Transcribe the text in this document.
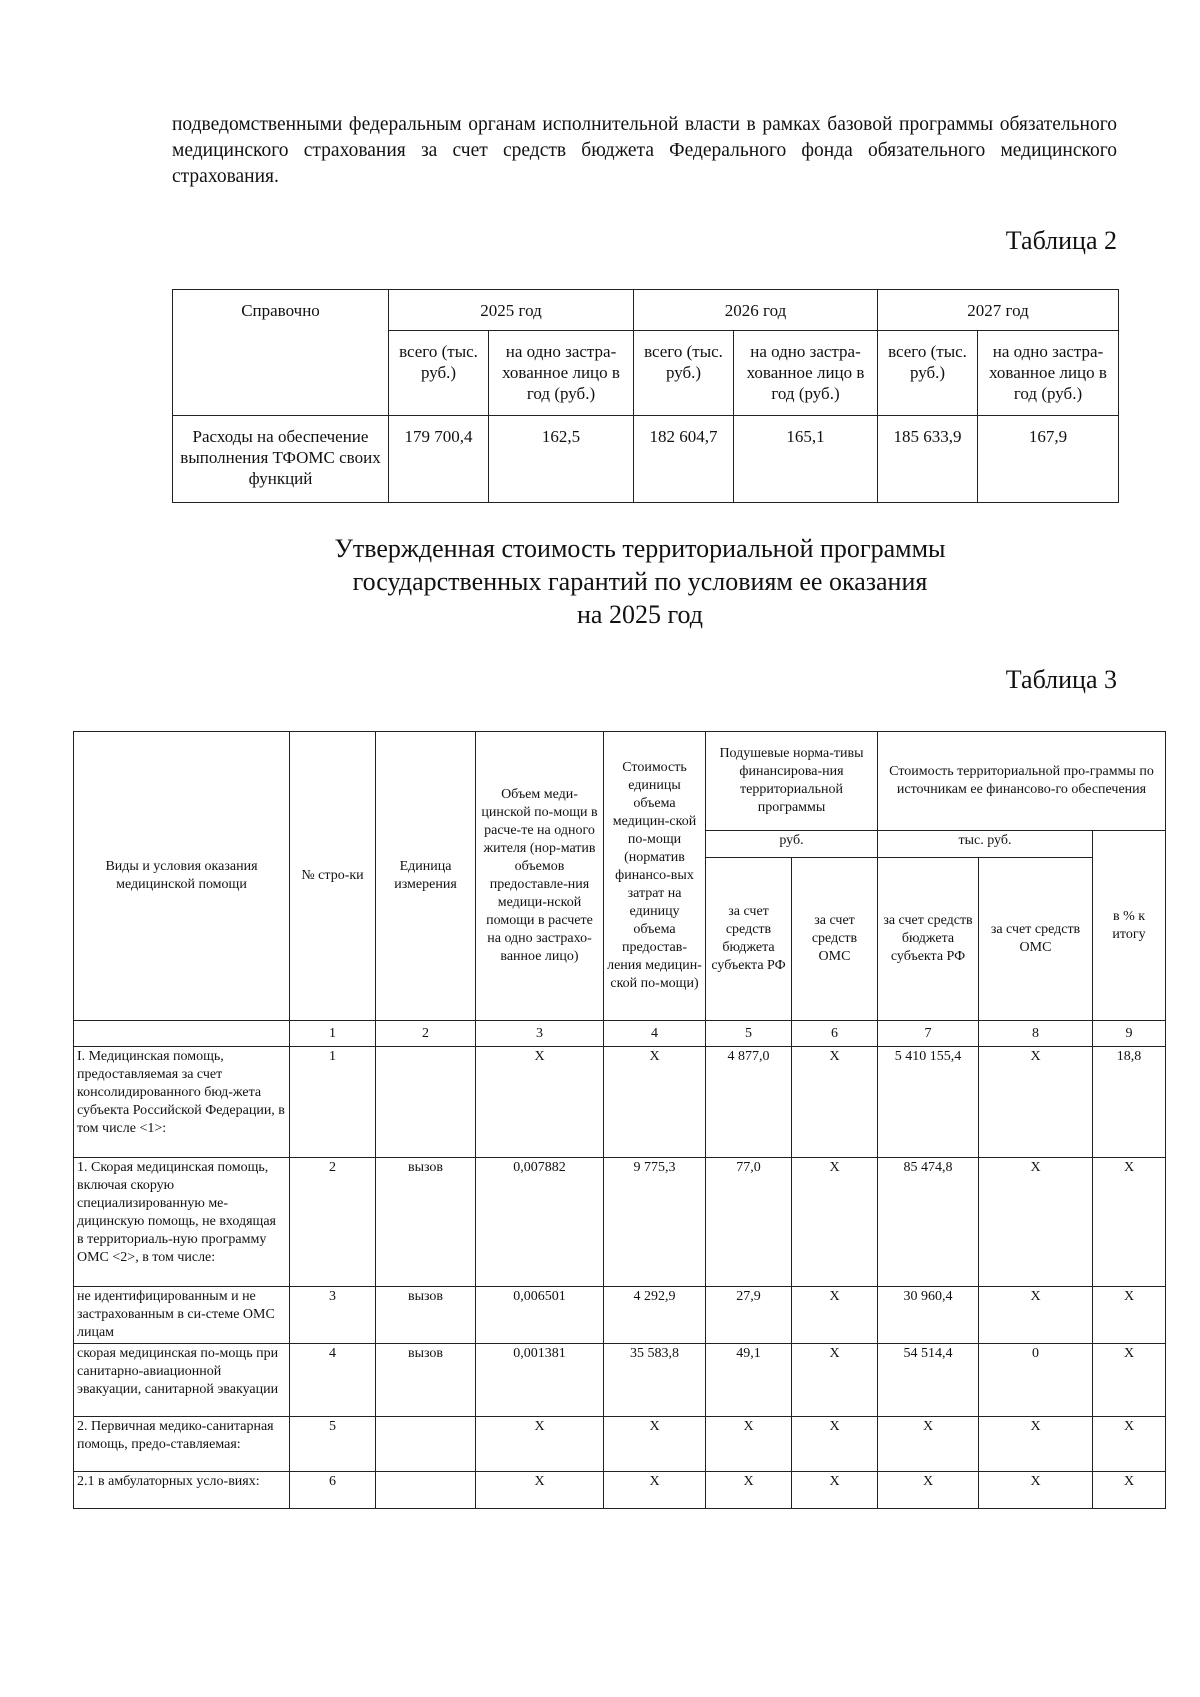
подведомственными федеральным органам исполнительной власти в рамках базовой программы обязательного медицинского страхования за счет средств бюджета Федерального фонда обязательного медицинского страхования.
Таблица 2
Справочно	2025 год		2026 год		2027 год	
	всего (тыс. руб.)	на одно застра-хованное лицо в год (руб.)	всего (тыс. руб.)	на одно застра-хованное лицо в год (руб.)	всего (тыс. руб.)	на одно застра-хованное лицо в год (руб.)
Расходы на обеспечение выполнения ТФОМС своих функций	179 700,4	162,5	182 604,7	165,1	185 633,9	167,9
Утвержденная стоимость территориальной программы
государственных гарантий по условиям ее оказания
на 2025 год
Таблица 3
Виды и условия оказания медицинской помощи	№ стро-ки	Единица измерения	Объем меди-цинской по-мощи в расче-те на одного жителя (нор-матив объемов предоставле-ния медици-нской помощи в расчете на одно застрахо-ванное лицо)	Стоимость единицы объема медицин-ской по-мощи (норматив финансо-вых затрат на единицу объема предостав-ления медицин-ской по-мощи)	Подушевые норма-тивы финансирова-ния территориальной программы		Стоимость территориальной про-граммы по источникам ее финансово-го обеспечения		
					руб.		тыс. руб.		в % к итогу
					за счет средств бюджета субъекта РФ	за счет средств ОМС	за счет средств бюджета субъекта РФ	за счет средств ОМС	
	1	2	3	4	5	6	7	8	9
I. Медицинская помощь, предоставляемая за счет консолидированного бюд-жета субъекта Российской Федерации, в том числе <1>:	1		X	X	4 877,0	X	5 410 155,4	X	18,8
1. Скорая медицинская помощь, включая скорую специализированную ме-дицинскую помощь, не входящая в территориаль-ную программу ОМС <2>, в том числе:	2	вызов	0,007882	9 775,3	77,0	X	85 474,8	X	X
не идентифицированным и не застрахованным в си-стеме ОМС лицам	3	вызов	0,006501	4 292,9	27,9	X	30 960,4	X	X
скорая медицинская по-мощь при санитарно-авиационной эвакуации, санитарной эвакуации	4	вызов	0,001381	35 583,8	49,1	X	54 514,4	0	X
2. Первичная медико-санитарная помощь, предо-ставляемая:	5		X	X	X	X	X	X	X
2.1 в амбулаторных усло-виях:	6		X	X	X	X	X	X	X
